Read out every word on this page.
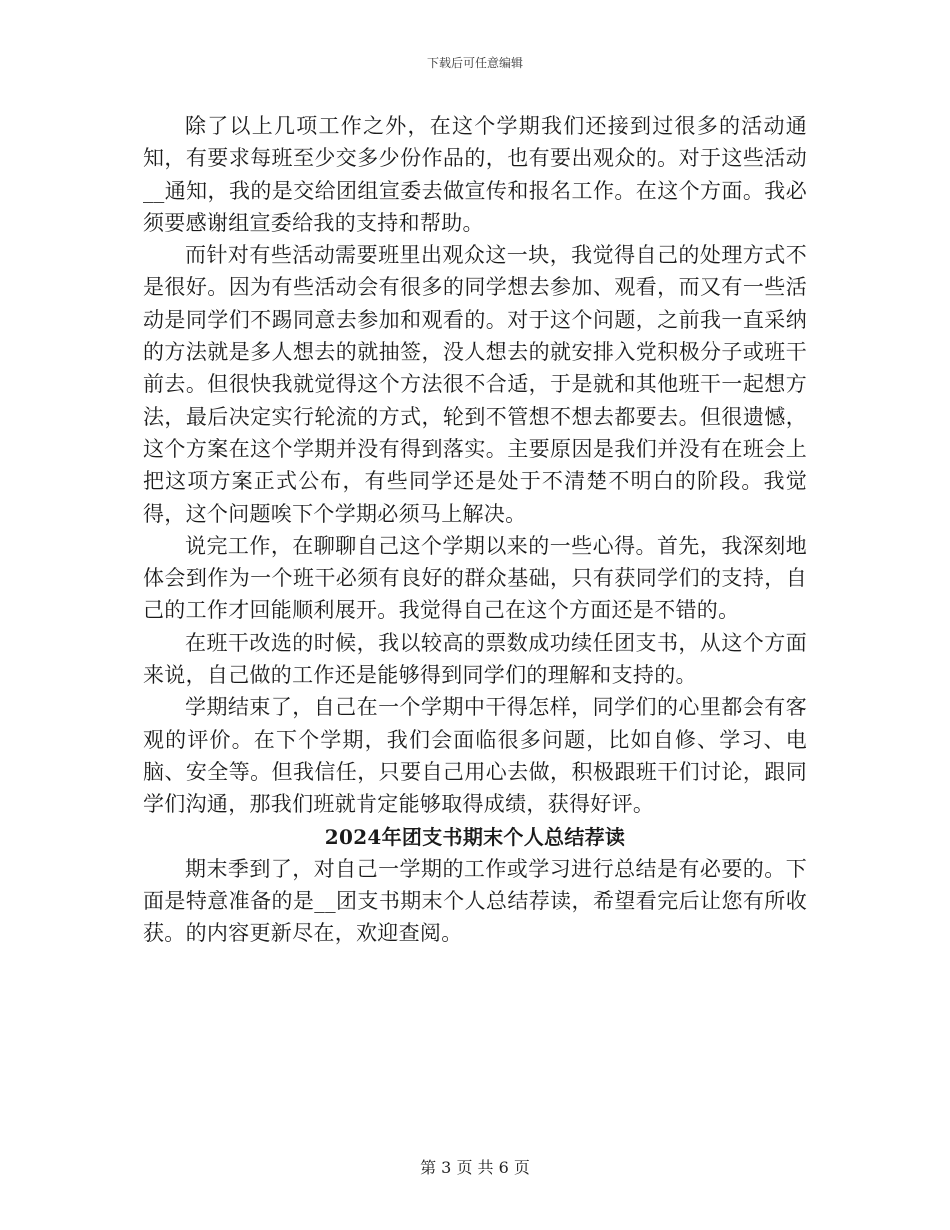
下载后可任意编辑

除了以上几项工作之外，在这个学期我们还接到过很多的活动通知，有要求每班至少交多少份作品的，也有要出观众的。对于这些活动__通知，我的是交给团组宣委去做宣传和报名工作。在这个方面。我必须要感谢组宣委给我的支持和帮助。

而针对有些活动需要班里出观众这一块，我觉得自己的处理方式不是很好。因为有些活动会有很多的同学想去参加、观看，而又有一些活动是同学们不踢同意去参加和观看的。对于这个问题，之前我一直采纳的方法就是多人想去的就抽签，没人想去的就安排入党积极分子或班干前去。但很快我就觉得这个方法很不合适，于是就和其他班干一起想方法，最后决定实行轮流的方式，轮到不管想不想去都要去。但很遗憾，这个方案在这个学期并没有得到落实。主要原因是我们并没有在班会上把这项方案正式公布，有些同学还是处于不清楚不明白的阶段。我觉得，这个问题唉下个学期必须马上解决。

说完工作，在聊聊自己这个学期以来的一些心得。首先，我深刻地体会到作为一个班干必须有良好的群众基础，只有获同学们的支持，自己的工作才回能顺利展开。我觉得自己在这个方面还是不错的。

在班干改选的时候，我以较高的票数成功续任团支书，从这个方面来说，自己做的工作还是能够得到同学们的理解和支持的。

学期结束了，自己在一个学期中干得怎样，同学们的心里都会有客观的评价。在下个学期，我们会面临很多问题，比如自修、学习、电脑、安全等。但我信任，只要自己用心去做，积极跟班干们讨论，跟同学们沟通，那我们班就肯定能够取得成绩，获得好评。

2024年团支书期末个人总结荐读

期末季到了，对自己一学期的工作或学习进行总结是有必要的。下面是特意准备的是__团支书期末个人总结荐读，希望看完后让您有所收获。的内容更新尽在，欢迎查阅。

第 3 页 共 6 页
